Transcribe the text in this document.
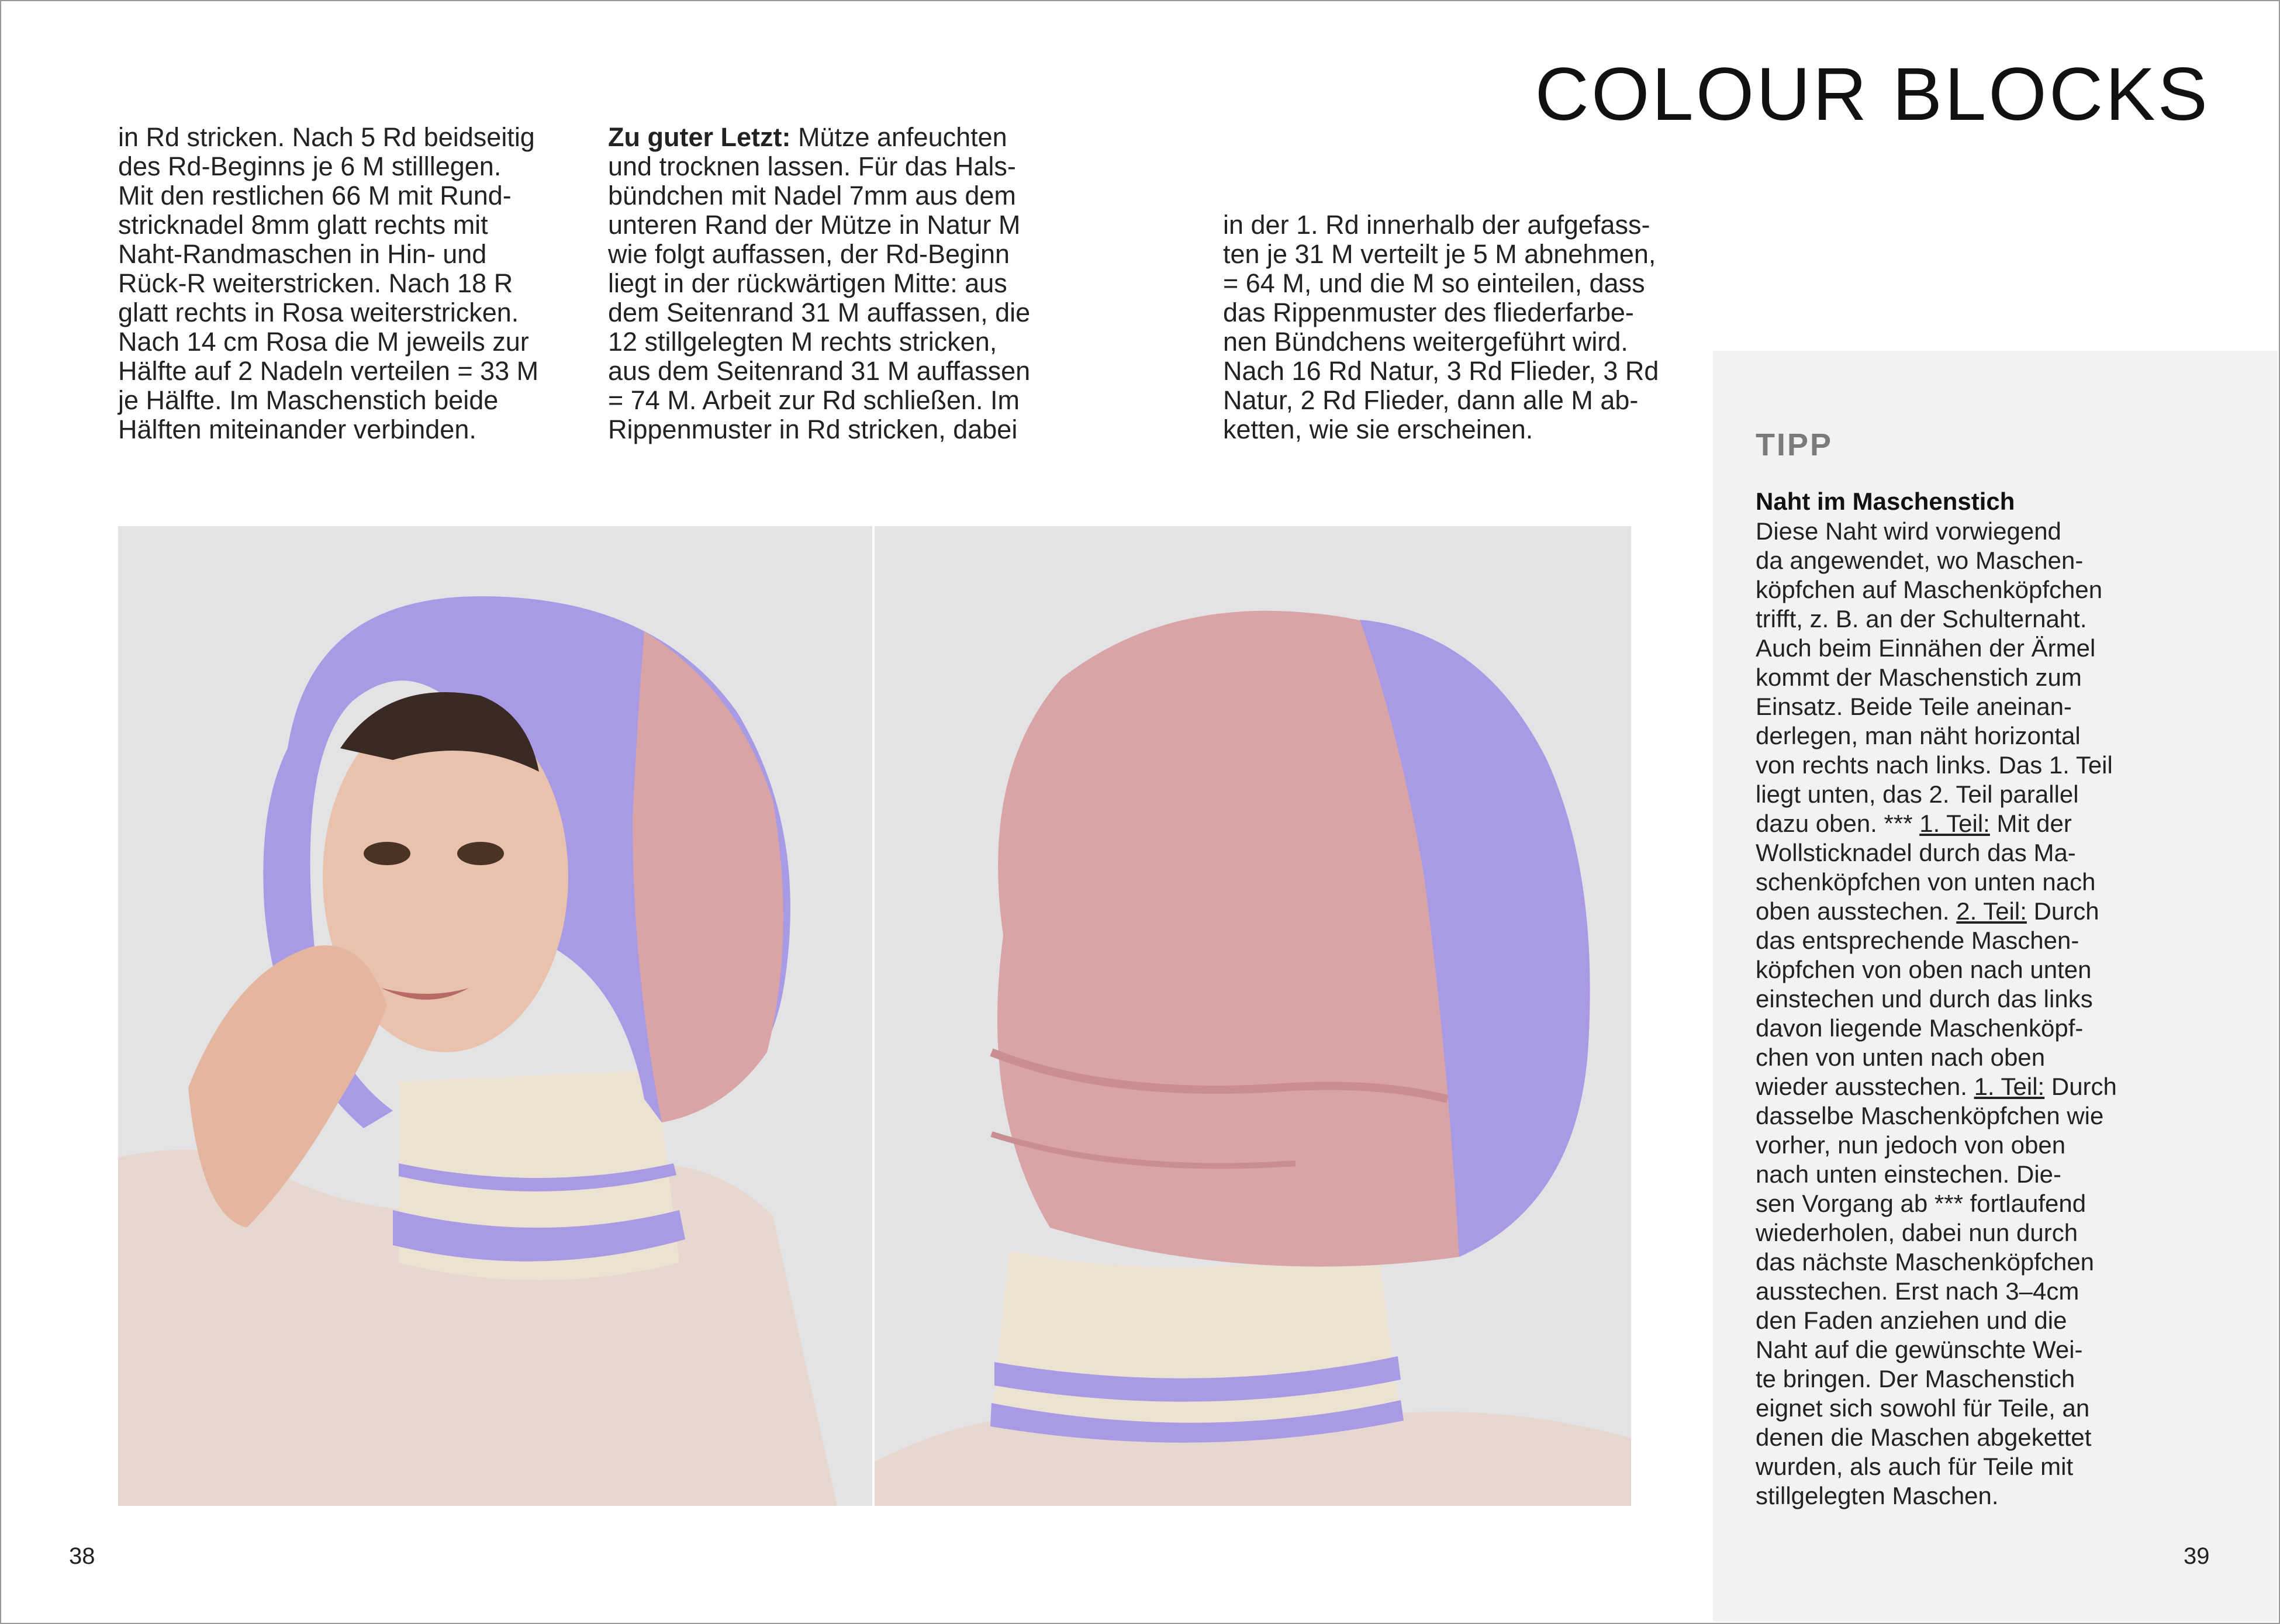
COLOUR BLOCKS

in Rd stricken. Nach 5 Rd beidseitig
des Rd-Beginns je 6 M stilllegen.
Mit den restlichen 66 M mit Rund-
stricknadel 8mm glatt rechts mit
Naht-Randmaschen in Hin- und
Rück-R weiterstricken. Nach 18 R
glatt rechts in Rosa weiterstricken.
Nach 14 cm Rosa die M jeweils zur
Hälfte auf 2 Nadeln verteilen = 33 M
je Hälfte. Im Maschenstich beide
Hälften miteinander verbinden.

Zu guter Letzt: Mütze anfeuchten
und trocknen lassen. Für das Hals-
bündchen mit Nadel 7mm aus dem
unteren Rand der Mütze in Natur M
wie folgt auffassen, der Rd-Beginn
liegt in der rückwärtigen Mitte: aus
dem Seitenrand 31 M auffassen, die
12 stillgelegten M rechts stricken,
aus dem Seitenrand 31 M auffassen
= 74 M. Arbeit zur Rd schließen. Im
Rippenmuster in Rd stricken, dabei

in der 1. Rd innerhalb der aufgefass-
ten je 31 M verteilt je 5 M abnehmen,
= 64 M, und die M so einteilen, dass
das Rippenmuster des fliederfarbe-
nen Bündchens weitergeführt wird.
Nach 16 Rd Natur, 3 Rd Flieder, 3 Rd
Natur, 2 Rd Flieder, dann alle M ab-
ketten, wie sie erscheinen.	TIPP
Naht im Maschenstich

Diese Naht wird vorwiegend
da angewendet, wo Maschen-
köpfchen auf Maschenköpfchen
trifft, z. B. an der Schulternaht.
Auch beim Einnähen der Ärmel
kommt der Maschenstich zum
Einsatz. Beide Teile aneinan-
derlegen, man näht horizontal
von rechts nach links. Das 1. Teil
liegt unten, das 2. Teil parallel
dazu oben. *** 1. Teil: Mit der
Wollsticknadel durch das Ma-
schenköpfchen von unten nach
oben ausstechen. 2. Teil: Durch
das entsprechende Maschen-
köpfchen von oben nach unten
einstechen und durch das links
davon liegende Maschenköpf-
chen von unten nach oben
wieder ausstechen. 1. Teil: Durch
dasselbe Maschenköpfchen wie
vorher, nun jedoch von oben
nach unten einstechen. Die-
sen Vorgang ab *** fortlaufend
wiederholen, dabei nun durch
das nächste Maschenköpfchen
ausstechen. Erst nach 3–4cm
den Faden anziehen und die
Naht auf die gewünschte Wei-
te bringen. Der Maschenstich
eignet sich sowohl für Teile, an
denen die Maschen abgekettet
wurden, als auch für Teile mit
stillgelegten Maschen.

38	39
